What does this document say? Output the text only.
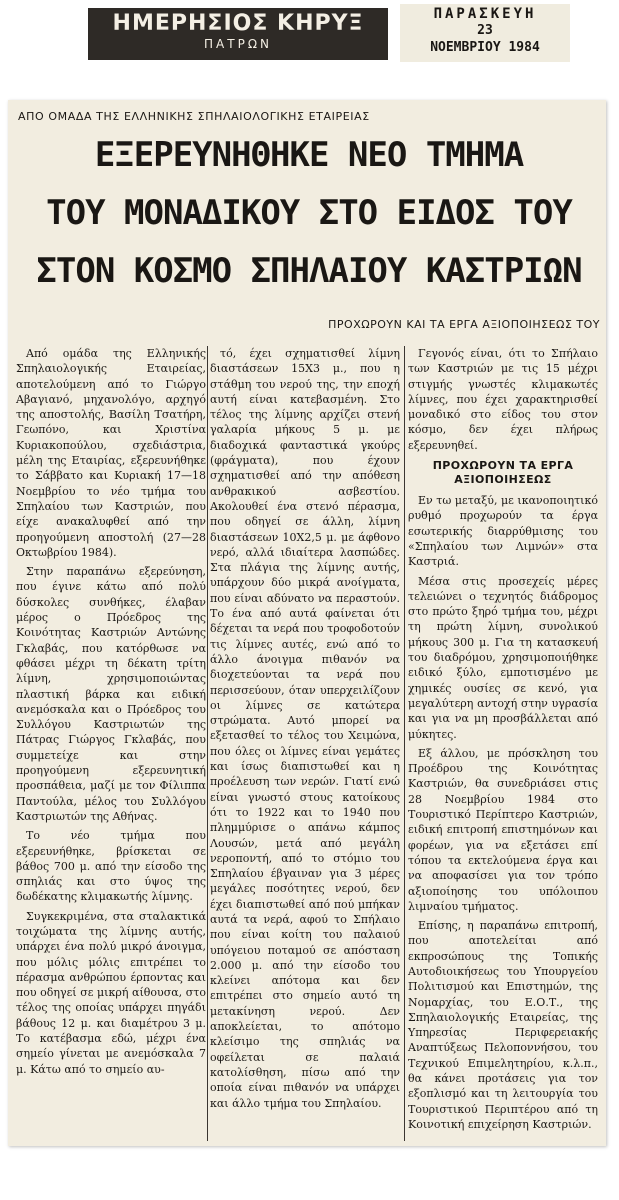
ΗΜΕΡΗΣΙΟΣ ΚΗΡΥΞ
ΠΑΤΡΩΝ
ΠΑΡΑΣΚΕΥΗ
23
ΝΟΕΜΒΡΙΟΥ 1984
ΑΠΟ ΟΜΑΔΑ ΤΗΣ ΕΛΛΗΝΙΚΗΣ ΣΠΗΛΑΙΟΛΟΓΙΚΗΣ ΕΤΑΙΡΕΙΑΣ
ΕΞΕΡΕΥΝΗΘΗΚΕ ΝΕΟ ΤΜΗΜΑ
ΤΟΥ ΜΟΝΑΔΙΚΟΥ ΣΤΟ ΕΙΔΟΣ ΤΟΥ
ΣΤΟΝ ΚΟΣΜΟ ΣΠΗΛΑΙΟΥ ΚΑΣΤΡΙΩΝ
ΠΡΟΧΩΡΟΥΝ ΚΑΙ ΤΑ ΕΡΓΑ ΑΞΙΟΠΟΙΗΣΕΩΣ ΤΟΥ

Από ομάδα της Ελληνικής Σπηλαιολογικής Εταιρείας, αποτελούμενη από το Γιώργο Αβαγιανό, μηχανολόγο, αρχηγό της αποστολής, Βασίλη Τσατήρη, Γεωπόνο, και Χριστίνα Κυριακοπούλου, σχεδιάστρια, μέλη της Εταιρίας, εξερευνήθηκε το Σάββατο και Κυριακή 17—18 Νοεμβρίου το νέο τμήμα του Σπηλαίου των Καστριών, που είχε ανακαλυφθεί από την προηγούμενη αποστολή (27—28 Οκτωβρίου 1984).

Στην παραπάνω εξερεύνηση, που έγινε κάτω από πολύ δύσκολες συνθήκες, έλαβαν μέρος ο Πρόεδρος της Κοινότητας Καστριών Αντώνης Γκλαβάς, που κατόρθωσε να φθάσει μέχρι τη δέκατη τρίτη λίμνη, χρησιμοποιώντας πλαστική βάρκα και ειδική ανεμόσκαλα και ο Πρόεδρος του Συλλόγου Καστριωτών της Πάτρας Γιώργος Γκλαβάς, που συμμετείχε και στην προηγούμενη εξερευνητική προσπάθεια, μαζί με τον Φίλιππα Παντούλα, μέλος του Συλλόγου Καστριωτών της Αθήνας.

Το νέο τμήμα που εξερευνήθηκε, βρίσκεται σε βάθος 700 μ. από την είσοδο της σπηλιάς και στο ύψος της δωδέκατης κλιμακωτής λίμνης.

Συγκεκριμένα, στα σταλακτικά τοιχώματα της λίμνης αυτής, υπάρχει ένα πολύ μικρό άνοιγμα, που μόλις μόλις επιτρέπει το πέρασμα ανθρώπου έρποντας και που οδηγεί σε μικρή αίθουσα, στο τέλος της οποίας υπάρχει πηγάδι βάθους 12 μ. και διαμέτρου 3 μ. Το κατέβασμα εδώ, μέχρι ένα σημείο γίνεται με ανεμόσκαλα 7 μ. Κάτω από το σημείο αυ-

τό, έχει σχηματισθεί λίμνη διαστάσεων 15Χ3 μ., που η στάθμη του νερού της, την εποχή αυτή είναι κατεβασμένη. Στο τέλος της λίμνης αρχίζει στενή γαλαρία μήκους 5 μ. με διαδοχικά φανταστικά γκούρς (φράγματα), που έχουν σχηματισθεί από την απόθεση ανθρακικού ασβεστίου. Ακολουθεί ένα στενό πέρασμα, που οδηγεί σε άλλη, λίμνη διαστάσεων 10Χ2,5 μ. με άφθονο νερό, αλλά ιδιαίτερα λασπώδες. Στα πλάγια της λίμνης αυτής, υπάρχουν δύο μικρά ανοίγματα, που είναι αδύνατο να περαστούν. Το ένα από αυτά φαίνεται ότι δέχεται τα νερά που τροφοδοτούν τις λίμνες αυτές, ενώ από το άλλο άνοιγμα πιθανόν να διοχετεύονται τα νερά που περισσεύουν, όταν υπερχειλίζουν οι λίμνες σε κατώτερα στρώματα. Αυτό μπορεί να εξετασθεί το τέλος του Χειμώνα, που όλες οι λίμνες είναι γεμάτες και ίσως διαπιστωθεί και η προέλευση των νερών. Γιατί ενώ είναι γνωστό στους κατοίκους ότι το 1922 και το 1940 που πλημμύρισε ο απάνω κάμπος Λουσών, μετά από μεγάλη νεροποντή, από το στόμιο του Σπηλαίου έβγαιναν για 3 μέρες μεγάλες ποσότητες νερού, δεν έχει διαπιστωθεί από πού μπήκαν αυτά τα νερά, αφού το Σπήλαιο που είναι κοίτη του παλαιού υπόγειου ποταμού σε απόσταση 2.000 μ. από την είσοδο του κλείνει απότομα και δεν επιτρέπει στο σημείο αυτό τη μετακίνηση νερού. Δεν αποκλείεται, το απότομο κλείσιμο της σπηλιάς να οφείλεται σε παλαιά κατολίσθηση, πίσω από την οποία είναι πιθανόν να υπάρχει και άλλο τμήμα του Σπηλαίου.

Γεγονός είναι, ότι το Σπήλαιο των Καστριών με τις 15 μέχρι στιγμής γνωστές κλιμακωτές λίμνες, που έχει χαρακτηρισθεί μοναδικό στο είδος του στον κόσμο, δεν έχει πλήρως εξερευνηθεί.

ΠΡΟΧΩΡΟΥΝ ΤΑ ΕΡΓΑ ΑΞΙΟΠΟΙΗΣΕΩΣ

Εν τω μεταξύ, με ικανοποιητικό ρυθμό προχωρούν τα έργα εσωτερικής διαρρύθμισης του «Σπηλαίου των Λιμνών» στα Καστριά.

Μέσα στις προσεχείς μέρες τελειώνει ο τεχνητός διάδρομος στο πρώτο ξηρό τμήμα του, μέχρι τη πρώτη λίμνη, συνολικού μήκους 300 μ. Για τη κατασκευή του διαδρόμου, χρησιμοποιήθηκε ειδικό ξύλο, εμποτισμένο με χημικές ουσίες σε κενό, για μεγαλύτερη αντοχή στην υγρασία και για να μη προσβάλλεται από μύκητες.

Εξ άλλου, με πρόσκληση του Προέδρου της Κοινότητας Καστριών, θα συνεδριάσει στις 28 Νοεμβρίου 1984 στο Τουριστικό Περίπτερο Καστριών, ειδική επιτροπή επιστημόνων και φορέων, για να εξετάσει επί τόπου τα εκτελούμενα έργα και να αποφασίσει για τον τρόπο αξιοποίησης του υπόλοιπου λιμναίου τμήματος.

Επίσης, η παραπάνω επιτροπή, που αποτελείται από εκπροσώπους της Τοπικής Αυτοδιοικήσεως του Υπουργείου Πολιτισμού και Επιστημών, της Νομαρχίας, του Ε.Ο.Τ., της Σπηλαιολογικής Εταιρείας, της Υπηρεσίας Περιφερειακής Αναπτύξεως Πελοποννήσου, του Τεχνικού Επιμελητηρίου, κ.λ.π., θα κάνει προτάσεις για τον εξοπλισμό και τη λειτουργία του Τουριστικού Περιπτέρου από τη Κοινοτική επιχείρηση Καστριών.
